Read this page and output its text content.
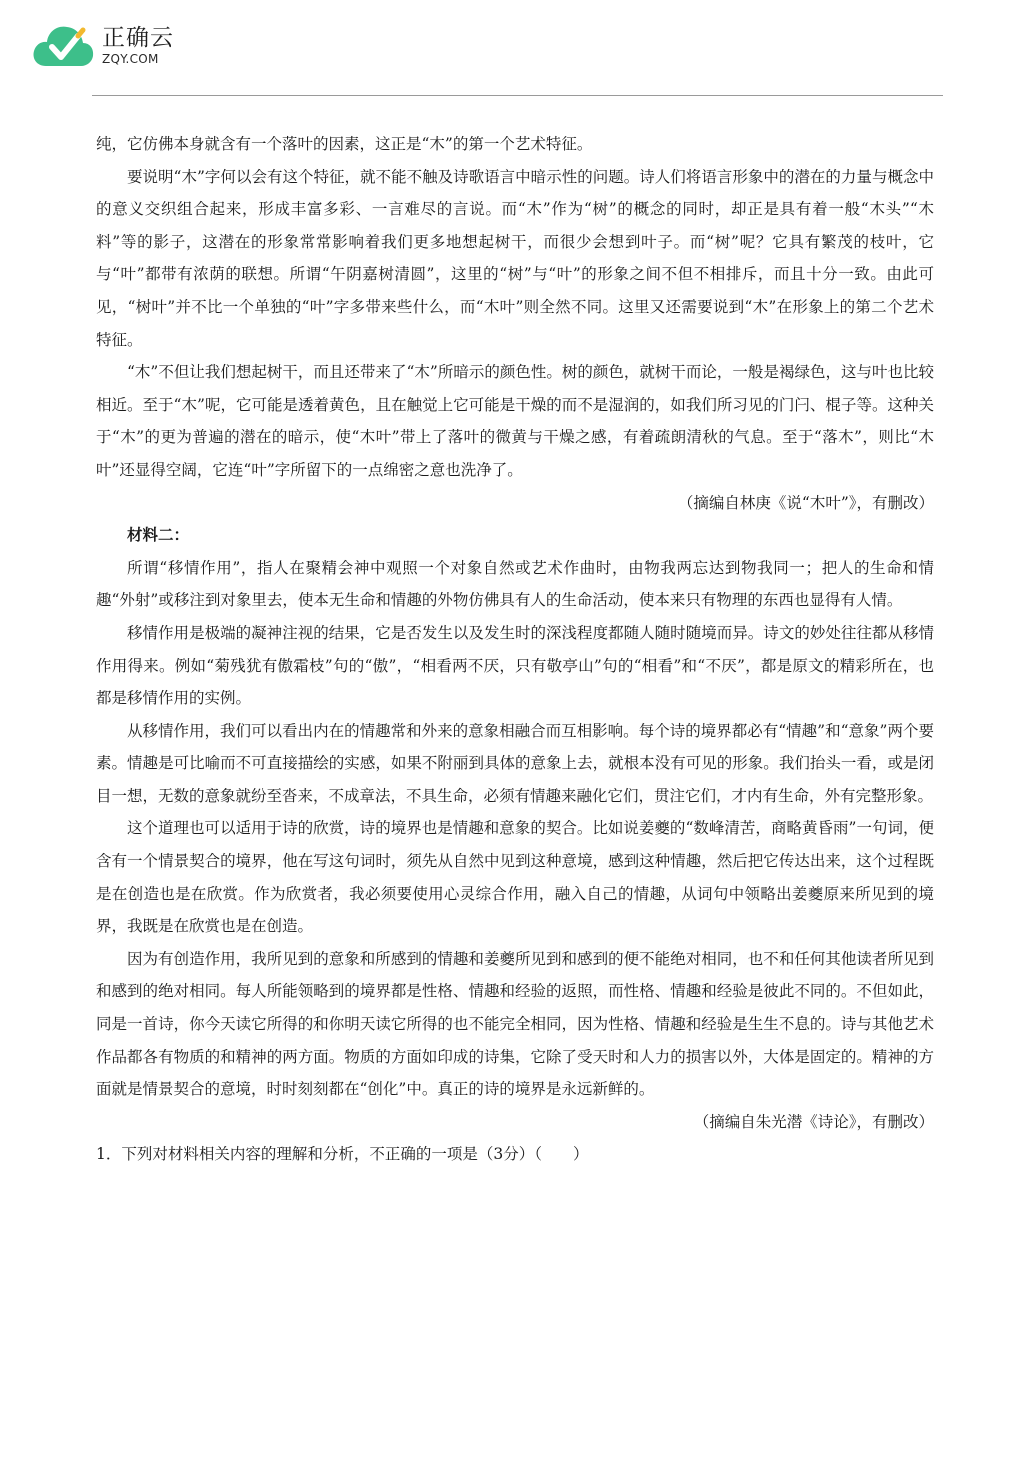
正确云
ZQY.COM

纯，它仿佛本身就含有一个落叶的因素，这正是“木”的第一个艺术特征。

要说明“木”字何以会有这个特征，就不能不触及诗歌语言中暗示性的问题。诗人们将语言形象中的潜在的力量与概念中的意义交织组合起来，形成丰富多彩、一言难尽的言说。而“木”作为“树”的概念的同时，却正是具有着一般“木头”“木料”等的影子，这潜在的形象常常影响着我们更多地想起树干，而很少会想到叶子。而“树”呢？它具有繁茂的枝叶，它与“叶”都带有浓荫的联想。所谓“午阴嘉树清圆”，这里的“树”与“叶”的形象之间不但不相排斥，而且十分一致。由此可见，“树叶”并不比一个单独的“叶”字多带来些什么，而“木叶”则全然不同。这里又还需要说到“木”在形象上的第二个艺术特征。

“木”不但让我们想起树干，而且还带来了“木”所暗示的颜色性。树的颜色，就树干而论，一般是褐绿色，这与叶也比较相近。至于“木”呢，它可能是透着黄色，且在触觉上它可能是干燥的而不是湿润的，如我们所习见的门闩、棍子等。这种关于“木”的更为普遍的潜在的暗示，使“木叶”带上了落叶的微黄与干燥之感，有着疏朗清秋的气息。至于“落木”，则比“木叶”还显得空阔，它连“叶”字所留下的一点绵密之意也洗净了。

（摘编自林庚《说“木叶”》，有删改）

材料二：

所谓“移情作用”，指人在聚精会神中观照一个对象自然或艺术作曲时，由物我两忘达到物我同一；把人的生命和情趣“外射”或移注到对象里去，使本无生命和情趣的外物仿佛具有人的生命活动，使本来只有物理的东西也显得有人情。

移情作用是极端的凝神注视的结果，它是否发生以及发生时的深浅程度都随人随时随境而异。诗文的妙处往往都从移情作用得来。例如“菊残犹有傲霜枝”句的“傲”，“相看两不厌，只有敬亭山”句的“相看”和“不厌”，都是原文的精彩所在，也都是移情作用的实例。

从移情作用，我们可以看出内在的情趣常和外来的意象相融合而互相影响。每个诗的境界都必有“情趣”和“意象”两个要素。情趣是可比喻而不可直接描绘的实感，如果不附丽到具体的意象上去，就根本没有可见的形象。我们抬头一看，或是闭目一想，无数的意象就纷至沓来，不成章法，不具生命，必须有情趣来融化它们，贯注它们，才内有生命，外有完整形象。

这个道理也可以适用于诗的欣赏，诗的境界也是情趣和意象的契合。比如说姜夔的“数峰清苦，商略黄昏雨”一句词，便含有一个情景契合的境界，他在写这句词时，须先从自然中见到这种意境，感到这种情趣，然后把它传达出来，这个过程既是在创造也是在欣赏。作为欣赏者，我必须要使用心灵综合作用，融入自己的情趣，从词句中领略出姜夔原来所见到的境界，我既是在欣赏也是在创造。

因为有创造作用，我所见到的意象和所感到的情趣和姜夔所见到和感到的便不能绝对相同，也不和任何其他读者所见到和感到的绝对相同。每人所能领略到的境界都是性格、情趣和经验的返照，而性格、情趣和经验是彼此不同的。不但如此，同是一首诗，你今天读它所得的和你明天读它所得的也不能完全相同，因为性格、情趣和经验是生生不息的。诗与其他艺术作品都各有物质的和精神的两方面。物质的方面如印成的诗集，它除了受天时和人力的损害以外，大体是固定的。精神的方面就是情景契合的意境，时时刻刻都在“创化”中。真正的诗的境界是永远新鲜的。

（摘编自朱光潜《诗论》，有删改）

1．下列对材料相关内容的理解和分析，不正确的一项是（3分）（　　）
